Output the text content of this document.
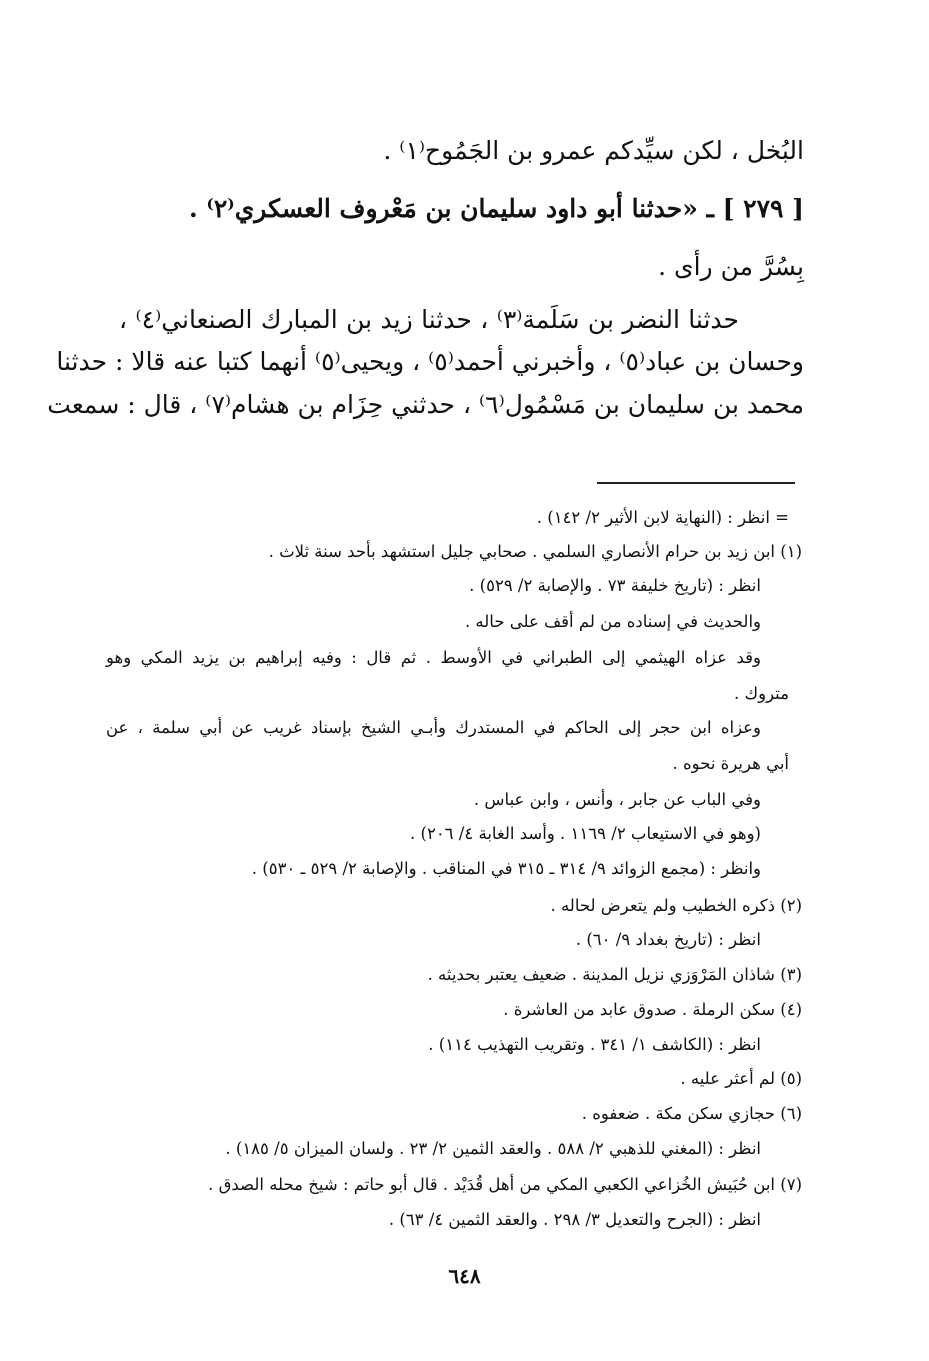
البُخل ، لكن سيِّدكم عمرو بن الجَمُوح⁽١⁾ .
[ ٢٧٩ ] ـ «حدثنا أبو داود سليمان بن مَعْروف العسكري⁽٢⁾ .
بِسُرَّ من رأى .
حدثنا النضر بن سَلَمة⁽٣⁾ ، حدثنا زيد بن المبارك الصنعاني⁽٤⁾ ،
وحسان بن عباد⁽٥⁾ ، وأخبرني أحمد⁽٥⁾ ، ويحيى⁽٥⁾ أنهما كتبا عنه قالا : حدثنا
محمد بن سليمان بن مَسْمُول⁽٦⁾ ، حدثني حِزَام بن هشام⁽٧⁾ ، قال : سمعت
= انظر : (النهاية لابن الأثير ٢/ ١٤٢) .
(١) ابن زيد بن حرام الأنصاري السلمي . صحابي جليل استشهد بأحد سنة ثلاث .
انظر : (تاريخ خليفة ٧٣ . والإصابة ٢/ ٥٢٩) .
والحديث في إسناده من لم أقف على حاله .
وقد عزاه الهيثمي إلى الطبراني في الأوسط . ثم قال : وفيه إبراهيم بن يزيد المكي وهو
متروك .
وعزاه ابن حجر إلى الحاكم في المستدرك وأبـي الشيخ بإسناد غريب عن أبي سلمة ، عن
أبي هريرة نحوه .
وفي الباب عن جابر ، وأنس ، وابن عباس .
(وهو في الاستيعاب ٢/ ١١٦٩ . وأسد الغابة ٤/ ٢٠٦) .
وانظر : (مجمع الزوائد ٩/ ٣١٤ ـ ٣١٥ في المناقب . والإصابة ٢/ ٥٢٩ ـ ٥٣٠) .
(٢) ذكره الخطيب ولم يتعرض لحاله .
انظر : (تاريخ بغداد ٩/ ٦٠) .
(٣) شاذان المَرْوَزي نزيل المدينة . ضعيف يعتبر بحديثه .
(٤) سكن الرملة . صدوق عابد من العاشرة .
انظر : (الكاشف ١/ ٣٤١ . وتقريب التهذيب ١١٤) .
(٥) لم أعثر عليه .
(٦) حجازي سكن مكة . ضعفوه .
انظر : (المغني للذهبي ٢/ ٥٨٨ . والعقد الثمين ٢/ ٢٣ . ولسان الميزان ٥/ ١٨٥) .
(٧) ابن حُبَيش الخُزاعي الكعبي المكي من أهل قُدَيْد . قال أبو حاتم : شيخ محله الصدق .
انظر : (الجرح والتعديل ٣/ ٢٩٨ . والعقد الثمين ٤/ ٦٣) .
٦٤٨
